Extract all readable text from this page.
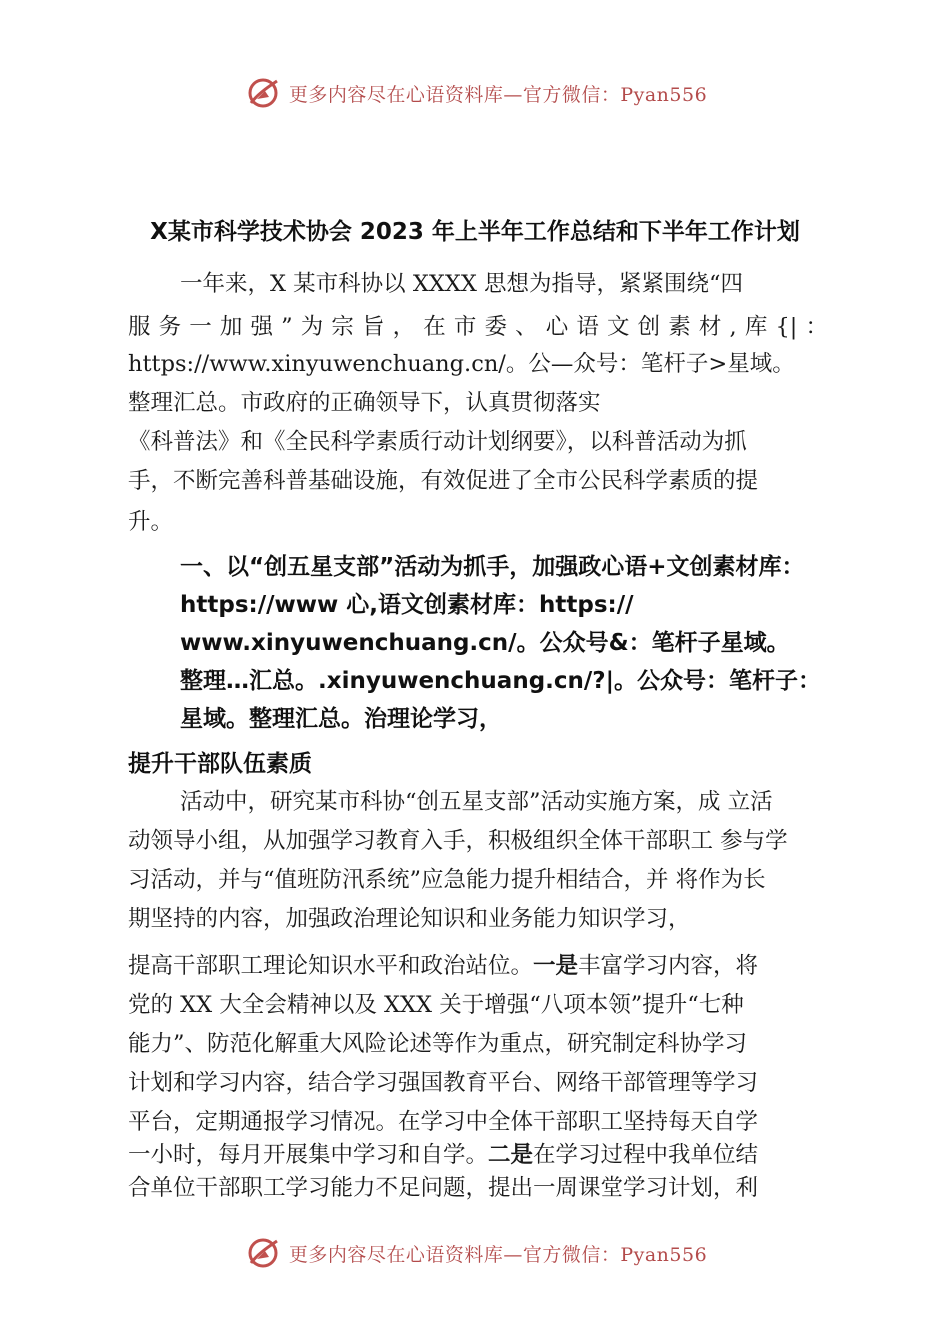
更多内容尽在心语资料库—官方微信：Pyan556
X某市科学技术协会 2023 年上半年工作总结和下半年工作计划
一年来，X 某市科协以 XXXX 思想为指导，紧紧围绕“四
服务一加强”为宗旨，在市委、心语文创素材,库{|：
https://www.xinyuwenchuang.cn/。公—众号：笔杆子>星域。
整理汇总。市政府的正确领导下，认真贯彻落实
《科普法》和《全民科学素质行动计划纲要》，以科普活动为抓
手，不断完善科普基础设施，有效促进了全市公民科学素质的提
升。
一、以“创五星支部”活动为抓手，加强政心语+文创素材库：
https://www 心,语文创素材库：https://
www.xinyuwenchuang.cn/。公众号&：笔杆子星域。
整理…汇总。.xinyuwenchuang.cn/?|。公众号：笔杆子：
星域。整理汇总。治理论学习，
提升干部队伍素质
活动中，研究某市科协“创五星支部”活动实施方案，成 立活
动领导小组，从加强学习教育入手，积极组织全体干部职工 参与学
习活动，并与“值班防汛系统”应急能力提升相结合，并 将作为长
期坚持的内容，加强政治理论知识和业务能力知识学习，
提高干部职工理论知识水平和政治站位。一是丰富学习内容，将
党的 XX 大全会精神以及 XXX 关于增强“八项本领”提升“七种
能力”、防范化解重大风险论述等作为重点，研究制定科协学习
计划和学习内容，结合学习强国教育平台、网络干部管理等学习
平台，定期通报学习情况。在学习中全体干部职工坚持每天自学
一小时，每月开展集中学习和自学。二是在学习过程中我单位结
合单位干部职工学习能力不足问题，提出一周课堂学习计划，利
更多内容尽在心语资料库—官方微信：Pyan556
